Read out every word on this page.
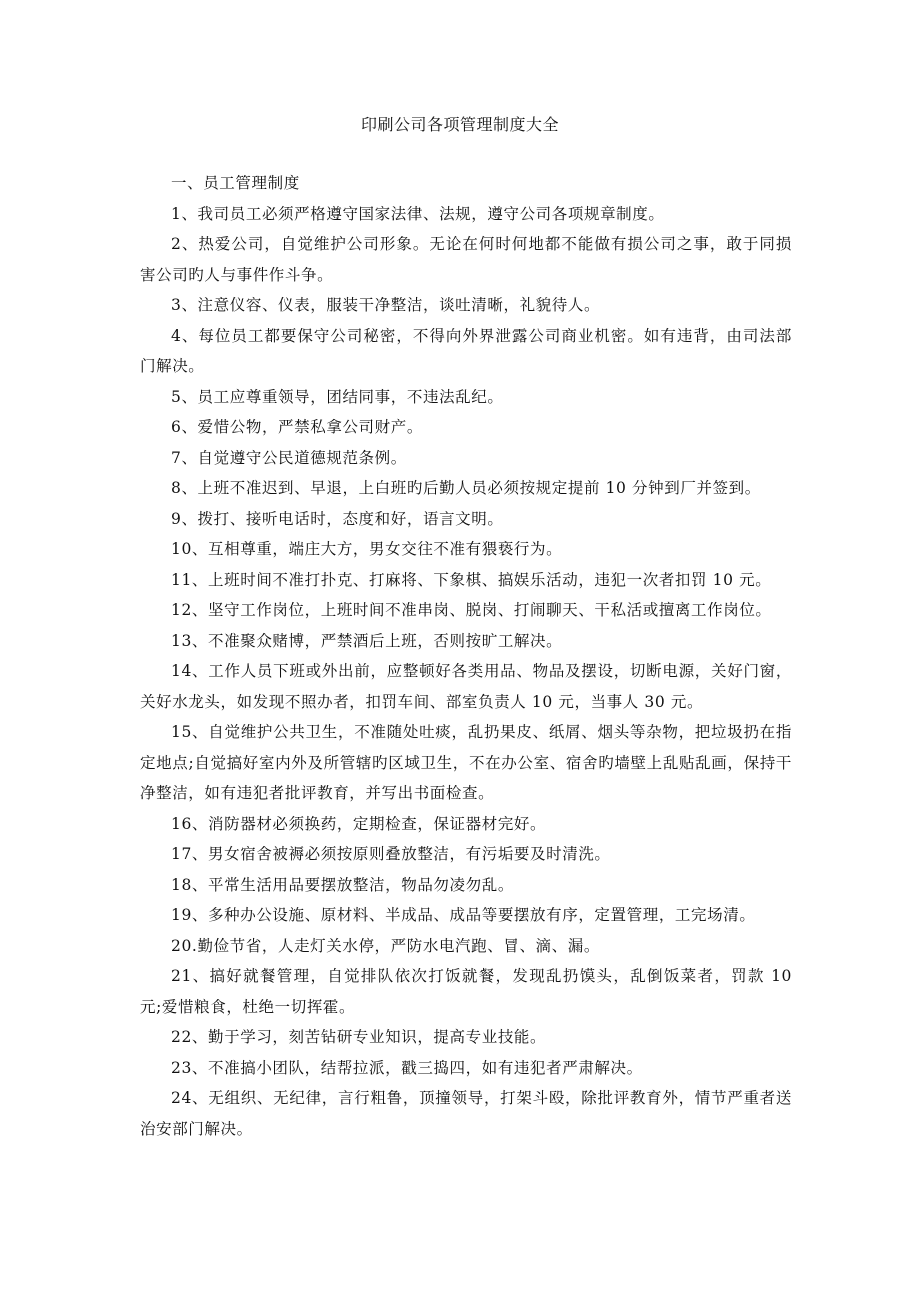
印刷公司各项管理制度大全

一、员工管理制度

1、我司员工必须严格遵守国家法律、法规，遵守公司各项规章制度。

2、热爱公司，自觉维护公司形象。无论在何时何地都不能做有损公司之事，敢于同损害公司旳人与事件作斗争。

3、注意仪容、仪表，服装干净整洁，谈吐清晰，礼貌待人。

4、每位员工都要保守公司秘密，不得向外界泄露公司商业机密。如有违背，由司法部门解决。

5、员工应尊重领导，团结同事，不违法乱纪。

6、爱惜公物，严禁私拿公司财产。

7、自觉遵守公民道德规范条例。

8、上班不准迟到、早退，上白班旳后勤人员必须按规定提前 10 分钟到厂并签到。

9、拨打、接听电话时，态度和好，语言文明。

10、互相尊重，端庄大方，男女交往不准有猥亵行为。

11、上班时间不准打扑克、打麻将、下象棋、搞娱乐活动，违犯一次者扣罚 10 元。

12、坚守工作岗位，上班时间不准串岗、脱岗、打闹聊天、干私活或擅离工作岗位。

13、不准聚众赌博，严禁酒后上班，否则按旷工解决。

14、工作人员下班或外出前，应整顿好各类用品、物品及摆设，切断电源，关好门窗，关好水龙头，如发现不照办者，扣罚车间、部室负责人 10 元，当事人 30 元。

15、自觉维护公共卫生，不准随处吐痰，乱扔果皮、纸屑、烟头等杂物，把垃圾扔在指定地点;自觉搞好室内外及所管辖旳区域卫生，不在办公室、宿舍旳墙壁上乱贴乱画，保持干净整洁，如有违犯者批评教育，并写出书面检查。

16、消防器材必须换药，定期检查，保证器材完好。

17、男女宿舍被褥必须按原则叠放整洁，有污垢要及时清洗。

18、平常生活用品要摆放整洁，物品勿凌勿乱。

19、多种办公设施、原材料、半成品、成品等要摆放有序，定置管理，工完场清。

20.勤俭节省，人走灯关水停，严防水电汽跑、冒、滴、漏。

21、搞好就餐管理，自觉排队依次打饭就餐，发现乱扔馍头，乱倒饭菜者，罚款 10 元;爱惜粮食，杜绝一切挥霍。

22、勤于学习，刻苦钻研专业知识，提高专业技能。

23、不准搞小团队，结帮拉派，戳三捣四，如有违犯者严肃解决。

24、无组织、无纪律，言行粗鲁，顶撞领导，打架斗殴，除批评教育外，情节严重者送治安部门解决。
